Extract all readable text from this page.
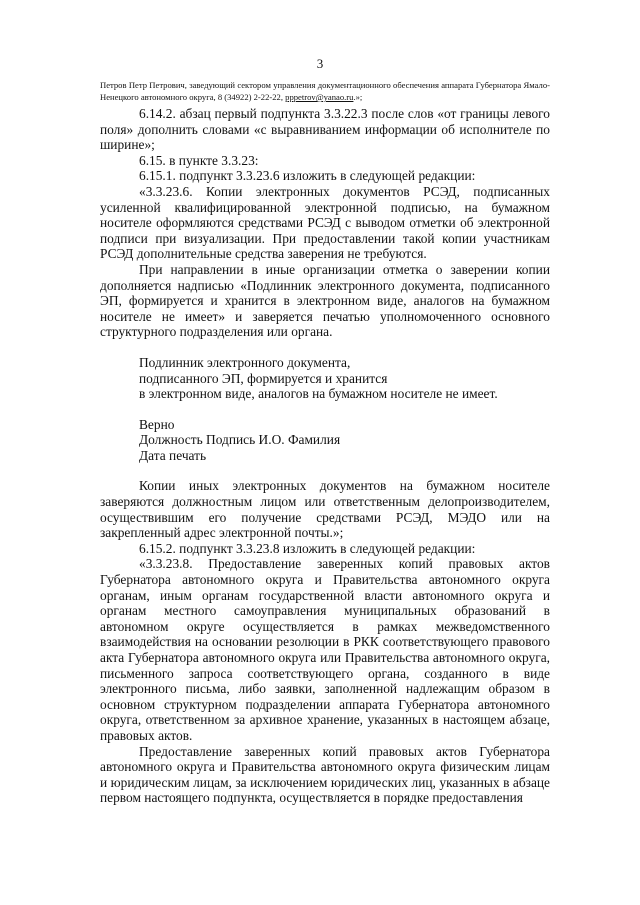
3
Петров Петр Петрович, заведующий сектором управления документационного обеспечения аппарата Губернатора Ямало-Ненецкого автономного округа, 8 (34922) 2-22-22, pppetrov@yanao.ru.»;

6.14.2. абзац первый подпункта 3.3.22.3 после слов «от границы левого поля» дополнить словами «с выравниванием информации об исполнителе по ширине»;

6.15. в пункте 3.3.23:

6.15.1. подпункт 3.3.23.6 изложить в следующей редакции:

«3.3.23.6. Копии электронных документов РСЭД, подписанных усиленной квалифицированной электронной подписью, на бумажном носителе оформляются средствами РСЭД с выводом отметки об электронной подписи при визуализации. При предоставлении такой копии участникам РСЭД дополнительные средства заверения не требуются.

При направлении в иные организации отметка о заверении копии дополняется надписью «Подлинник электронного документа, подписанного ЭП, формируется и хранится в электронном виде, аналогов на бумажном носителе не имеет» и заверяется печатью уполномоченного основного структурного подразделения или органа.

Подлинник электронного документа,

подписанного ЭП, формируется и хранится

в электронном виде, аналогов на бумажном носителе не имеет.

Верно

Должность Подпись И.О. Фамилия

Дата печать

Копии иных электронных документов на бумажном носителе заверяются должностным лицом или ответственным делопроизводителем, осуществившим его получение средствами РСЭД, МЭДО или на закрепленный адрес электронной почты.»;

6.15.2. подпункт 3.3.23.8 изложить в следующей редакции:

«3.3.23.8. Предоставление заверенных копий правовых актов Губернатора автономного округа и Правительства автономного округа органам, иным органам государственной власти автономного округа и органам местного самоуправления муниципальных образований в автономном округе осуществляется в рамках межведомственного взаимодействия на основании резолюции в РКК соответствующего правового акта Губернатора автономного округа или Правительства автономного округа, письменного запроса соответствующего органа, созданного в виде электронного письма, либо заявки, заполненной надлежащим образом в основном структурном подразделении аппарата Губернатора автономного округа, ответственном за архивное хранение, указанных в настоящем абзаце, правовых актов.

Предоставление заверенных копий правовых актов Губернатора автономного округа и Правительства автономного округа физическим лицам и юридическим лицам, за исключением юридических лиц, указанных в абзаце первом настоящего подпункта, осуществляется в порядке предоставления
